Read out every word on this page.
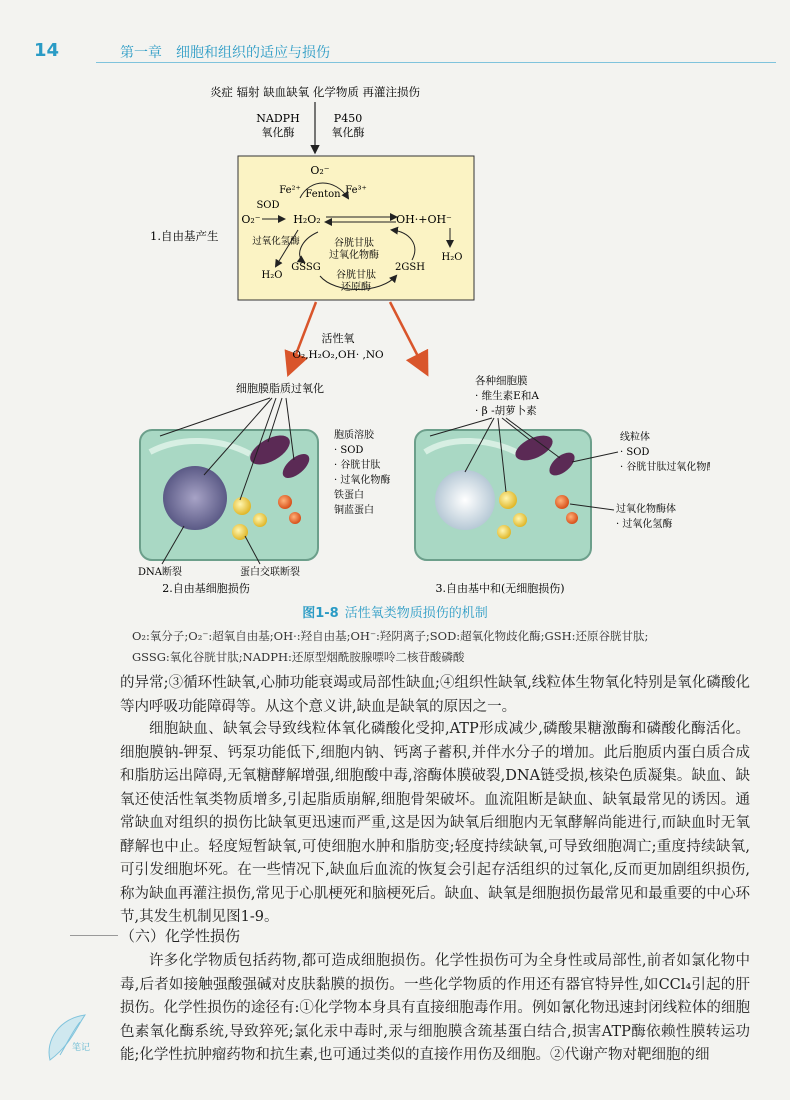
14	第一章　细胞和组织的适应与损伤
炎症 辐射 缺血缺氧 化学物质 再灌注损伤
NADPH
氧化酶
P450
氧化酶
O₂⁻
Fe²⁺ Fenton Fe³⁺
SOD
O₂⁻	H₂O₂	OH·+OH⁻
H₂O
过氧化氢酶
H₂O
谷胱甘肽
过氧化物酶
GSSG	2GSH
谷胱甘肽
还原酶
1.自由基产生
活性氧
O₂,H₂O₂,OH· ,NO
细胞膜脂质过氧化
DNA断裂	蛋白交联断裂
2.自由基细胞损伤
胞质溶胶
· SOD
· 谷胱甘肽
· 过氧化物酶
铁蛋白
铜蓝蛋白
各种细胞膜
· 维生素E和A
· β -胡萝卜素
线粒体
· SOD
· 谷胱甘肽过氧化物酶
过氧化物酶体
· 过氧化氢酶
3.自由基中和(无细胞损伤)
图1-8 活性氧类物质损伤的机制
O₂:氧分子;O₂⁻:超氧自由基;OH·:羟自由基;OH⁻:羟阴离子;SOD:超氧化物歧化酶;GSH:还原谷胱甘肽;
GSSG:氧化谷胱甘肽;NADPH:还原型烟酰胺腺嘌呤二核苷酸磷酸

的异常;③循环性缺氧,心肺功能衰竭或局部性缺血;④组织性缺氧,线粒体生物氧化特别是氧化磷酸化等内呼吸功能障碍等。从这个意义讲,缺血是缺氧的原因之一。

细胞缺血、缺氧会导致线粒体氧化磷酸化受抑,ATP形成减少,磷酸果糖激酶和磷酸化酶活化。细胞膜钠-钾泵、钙泵功能低下,细胞内钠、钙离子蓄积,并伴水分子的增加。此后胞质内蛋白质合成和脂肪运出障碍,无氧糖酵解增强,细胞酸中毒,溶酶体膜破裂,DNA链受损,核染色质凝集。缺血、缺氧还使活性氧类物质增多,引起脂质崩解,细胞骨架破坏。血流阻断是缺血、缺氧最常见的诱因。通常缺血对组织的损伤比缺氧更迅速而严重,这是因为缺氧后细胞内无氧酵解尚能进行,而缺血时无氧酵解也中止。轻度短暂缺氧,可使细胞水肿和脂肪变;轻度持续缺氧,可导致细胞凋亡;重度持续缺氧,可引发细胞坏死。在一些情况下,缺血后血流的恢复会引起存活组织的过氧化,反而更加剧组织损伤,称为缺血再灌注损伤,常见于心肌梗死和脑梗死后。缺血、缺氧是细胞损伤最常见和最重要的中心环节,其发生机制见图1-9。

（六）化学性损伤

许多化学物质包括药物,都可造成细胞损伤。化学性损伤可为全身性或局部性,前者如氯化物中毒,后者如接触强酸强碱对皮肤黏膜的损伤。一些化学物质的作用还有器官特异性,如CCl₄引起的肝损伤。化学性损伤的途径有:①化学物本身具有直接细胞毒作用。例如氰化物迅速封闭线粒体的细胞色素氧化酶系统,导致猝死;氯化汞中毒时,汞与细胞膜含巯基蛋白结合,损害ATP酶依赖性膜转运功能;化学性抗肿瘤药物和抗生素,也可通过类似的直接作用伤及细胞。②代谢产物对靶细胞的细

笔记
